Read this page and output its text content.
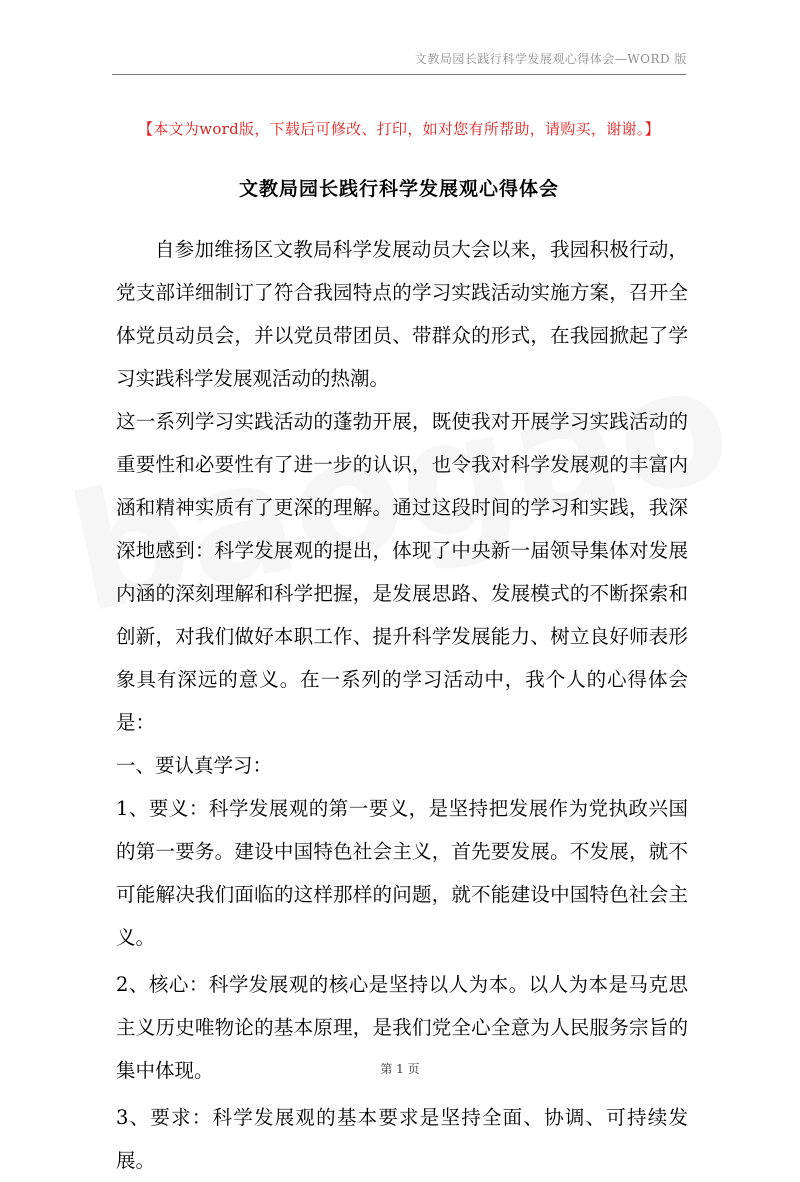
文教局园长践行科学发展观心得体会—WORD 版
【本文为word版，下载后可修改、打印，如对您有所帮助，请购买，谢谢。】
文教局园长践行科学发展观心得体会

自参加维扬区文教局科学发展动员大会以来，我园积极行动，党支部详细制订了符合我园特点的学习实践活动实施方案，召开全体党员动员会，并以党员带团员、带群众的形式，在我园掀起了学习实践科学发展观活动的热潮。

这一系列学习实践活动的蓬勃开展，既使我对开展学习实践活动的重要性和必要性有了进一步的认识，也令我对科学发展观的丰富内涵和精神实质有了更深的理解。通过这段时间的学习和实践，我深深地感到：科学发展观的提出，体现了中央新一届领导集体对发展内涵的深刻理解和科学把握，是发展思路、发展模式的不断探索和创新，对我们做好本职工作、提升科学发展能力、树立良好师表形象具有深远的意义。在一系列的学习活动中，我个人的心得体会是：

一、要认真学习：

1、要义：科学发展观的第一要义，是坚持把发展作为党执政兴国的第一要务。建设中国特色社会主义，首先要发展。不发展，就不可能解决我们面临的这样那样的问题，就不能建设中国特色社会主义。

2、核心：科学发展观的核心是坚持以人为本。以人为本是马克思主义历史唯物论的基本原理，是我们党全心全意为人民服务宗旨的集中体现。

3、要求：科学发展观的基本要求是坚持全面、协调、可持续发展。

第 1 页
